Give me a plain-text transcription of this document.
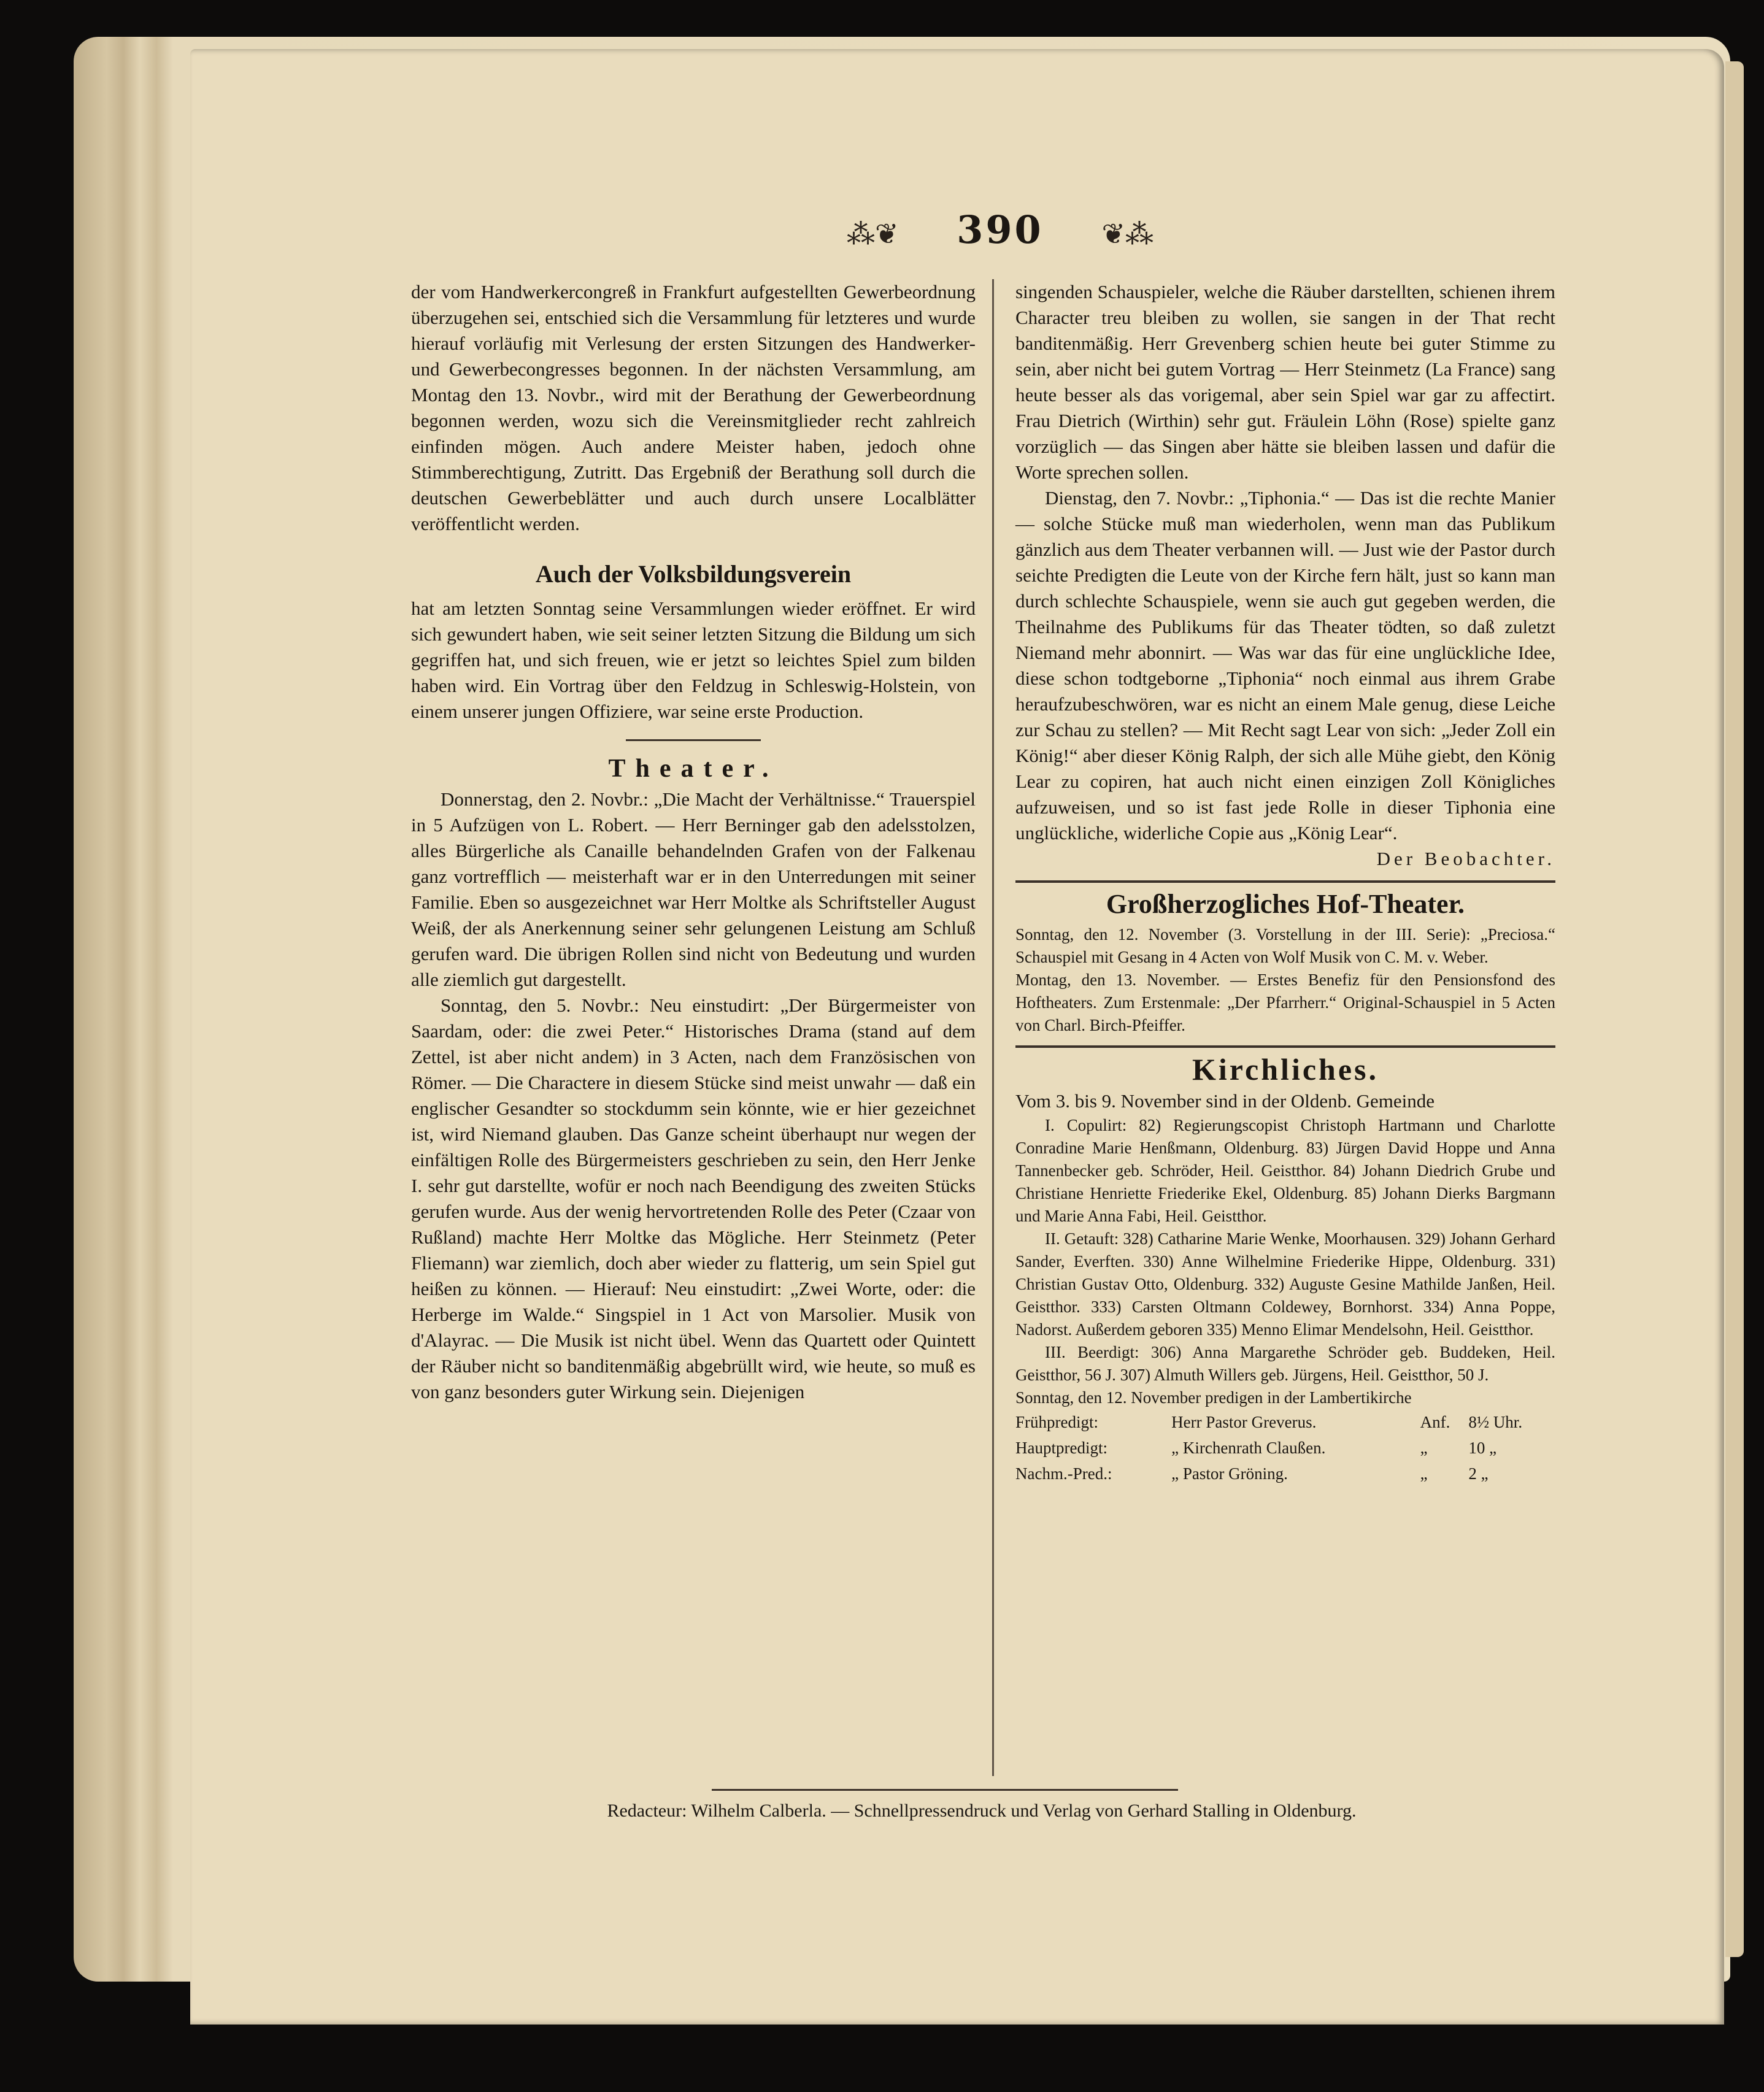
⁂❦ 390 ❦⁂

der vom Handwerkercongreß in Frankfurt aufgestellten Gewerbeordnung überzugehen sei, entschied sich die Versammlung für letzteres und wurde hierauf vorläufig mit Verlesung der ersten Sitzungen des Handwerker- und Gewerbecongresses begonnen. In der nächsten Versammlung, am Montag den 13. Novbr., wird mit der Berathung der Gewerbeordnung begonnen werden, wozu sich die Vereinsmitglieder recht zahlreich einfinden mögen. Auch andere Meister haben, jedoch ohne Stimmberechtigung, Zutritt. Das Ergebniß der Berathung soll durch die deutschen Gewerbeblätter und auch durch unsere Localblätter veröffentlicht werden.

Auch der Volksbildungsverein

hat am letzten Sonntag seine Versammlungen wieder eröffnet. Er wird sich gewundert haben, wie seit seiner letzten Sitzung die Bildung um sich gegriffen hat, und sich freuen, wie er jetzt so leichtes Spiel zum bilden haben wird. Ein Vortrag über den Feldzug in Schleswig-Holstein, von einem unserer jungen Offiziere, war seine erste Production.

Theater.

Donnerstag, den 2. Novbr.: „Die Macht der Verhältnisse.“ Trauerspiel in 5 Aufzügen von L. Robert. — Herr Berninger gab den adelsstolzen, alles Bürgerliche als Canaille behandelnden Grafen von der Falkenau ganz vortrefflich — meisterhaft war er in den Unterredungen mit seiner Familie. Eben so ausgezeichnet war Herr Moltke als Schriftsteller August Weiß, der als Anerkennung seiner sehr gelungenen Leistung am Schluß gerufen ward. Die übrigen Rollen sind nicht von Bedeutung und wurden alle ziemlich gut dargestellt.

Sonntag, den 5. Novbr.: Neu einstudirt: „Der Bürgermeister von Saardam, oder: die zwei Peter.“ Historisches Drama (stand auf dem Zettel, ist aber nicht andem) in 3 Acten, nach dem Französischen von Römer. — Die Charactere in diesem Stücke sind meist unwahr — daß ein englischer Gesandter so stockdumm sein könnte, wie er hier gezeichnet ist, wird Niemand glauben. Das Ganze scheint überhaupt nur wegen der einfältigen Rolle des Bürgermeisters geschrieben zu sein, den Herr Jenke I. sehr gut darstellte, wofür er noch nach Beendigung des zweiten Stücks gerufen wurde. Aus der wenig hervortretenden Rolle des Peter (Czaar von Rußland) machte Herr Moltke das Mögliche. Herr Steinmetz (Peter Fliemann) war ziemlich, doch aber wieder zu flatterig, um sein Spiel gut heißen zu können. — Hierauf: Neu einstudirt: „Zwei Worte, oder: die Herberge im Walde.“ Singspiel in 1 Act von Marsolier. Musik von d'Alayrac. — Die Musik ist nicht übel. Wenn das Quartett oder Quintett der Räuber nicht so banditenmäßig abgebrüllt wird, wie heute, so muß es von ganz besonders guter Wirkung sein. Diejenigen

singenden Schauspieler, welche die Räuber darstellten, schienen ihrem Character treu bleiben zu wollen, sie sangen in der That recht banditenmäßig. Herr Grevenberg schien heute bei guter Stimme zu sein, aber nicht bei gutem Vortrag — Herr Steinmetz (La France) sang heute besser als das vorigemal, aber sein Spiel war gar zu affectirt. Frau Dietrich (Wirthin) sehr gut. Fräulein Löhn (Rose) spielte ganz vorzüglich — das Singen aber hätte sie bleiben lassen und dafür die Worte sprechen sollen.

Dienstag, den 7. Novbr.: „Tiphonia.“ — Das ist die rechte Manier — solche Stücke muß man wiederholen, wenn man das Publikum gänzlich aus dem Theater verbannen will. — Just wie der Pastor durch seichte Predigten die Leute von der Kirche fern hält, just so kann man durch schlechte Schauspiele, wenn sie auch gut gegeben werden, die Theilnahme des Publikums für das Theater tödten, so daß zuletzt Niemand mehr abonnirt. — Was war das für eine unglückliche Idee, diese schon todtgeborne „Tiphonia“ noch einmal aus ihrem Grabe heraufzubeschwören, war es nicht an einem Male genug, diese Leiche zur Schau zu stellen? — Mit Recht sagt Lear von sich: „Jeder Zoll ein König!“ aber dieser König Ralph, der sich alle Mühe giebt, den König Lear zu copiren, hat auch nicht einen einzigen Zoll Königliches aufzuweisen, und so ist fast jede Rolle in dieser Tiphonia eine unglückliche, widerliche Copie aus „König Lear“.

Der Beobachter.

Großherzogliches Hof-Theater.

Sonntag, den 12. November (3. Vorstellung in der III. Serie): „Preciosa.“ Schauspiel mit Gesang in 4 Acten von Wolf Musik von C. M. v. Weber.

Montag, den 13. November. — Erstes Benefiz für den Pensionsfond des Hoftheaters. Zum Erstenmale: „Der Pfarrherr.“ Original-Schauspiel in 5 Acten von Charl. Birch-Pfeiffer.

Kirchliches.

Vom 3. bis 9. November sind in der Oldenb. Gemeinde

I. Copulirt: 82) Regierungscopist Christoph Hartmann und Charlotte Conradine Marie Henßmann, Oldenburg. 83) Jürgen David Hoppe und Anna Tannenbecker geb. Schröder, Heil. Geistthor. 84) Johann Diedrich Grube und Christiane Henriette Friederike Ekel, Oldenburg. 85) Johann Dierks Bargmann und Marie Anna Fabi, Heil. Geistthor.

II. Getauft: 328) Catharine Marie Wenke, Moorhausen. 329) Johann Gerhard Sander, Everften. 330) Anne Wilhelmine Friederike Hippe, Oldenburg. 331) Christian Gustav Otto, Oldenburg. 332) Auguste Gesine Mathilde Janßen, Heil. Geistthor. 333) Carsten Oltmann Coldewey, Bornhorst. 334) Anna Poppe, Nadorst. Außerdem geboren 335) Menno Elimar Mendelsohn, Heil. Geistthor.

III. Beerdigt: 306) Anna Margarethe Schröder geb. Buddeken, Heil. Geistthor, 56 J. 307) Almuth Willers geb. Jürgens, Heil. Geistthor, 50 J.

Sonntag, den 12. November predigen in der Lambertikirche

Frühpredigt:	Herr Pastor Greverus.	Anf.	8½ Uhr.
Hauptpredigt:	„ Kirchenrath Claußen.	„	10 „
Nachm.-Pred.:	„ Pastor Gröning.	„	2 „
Redacteur: Wilhelm Calberla. — Schnellpressendruck und Verlag von Gerhard Stalling in Oldenburg.
